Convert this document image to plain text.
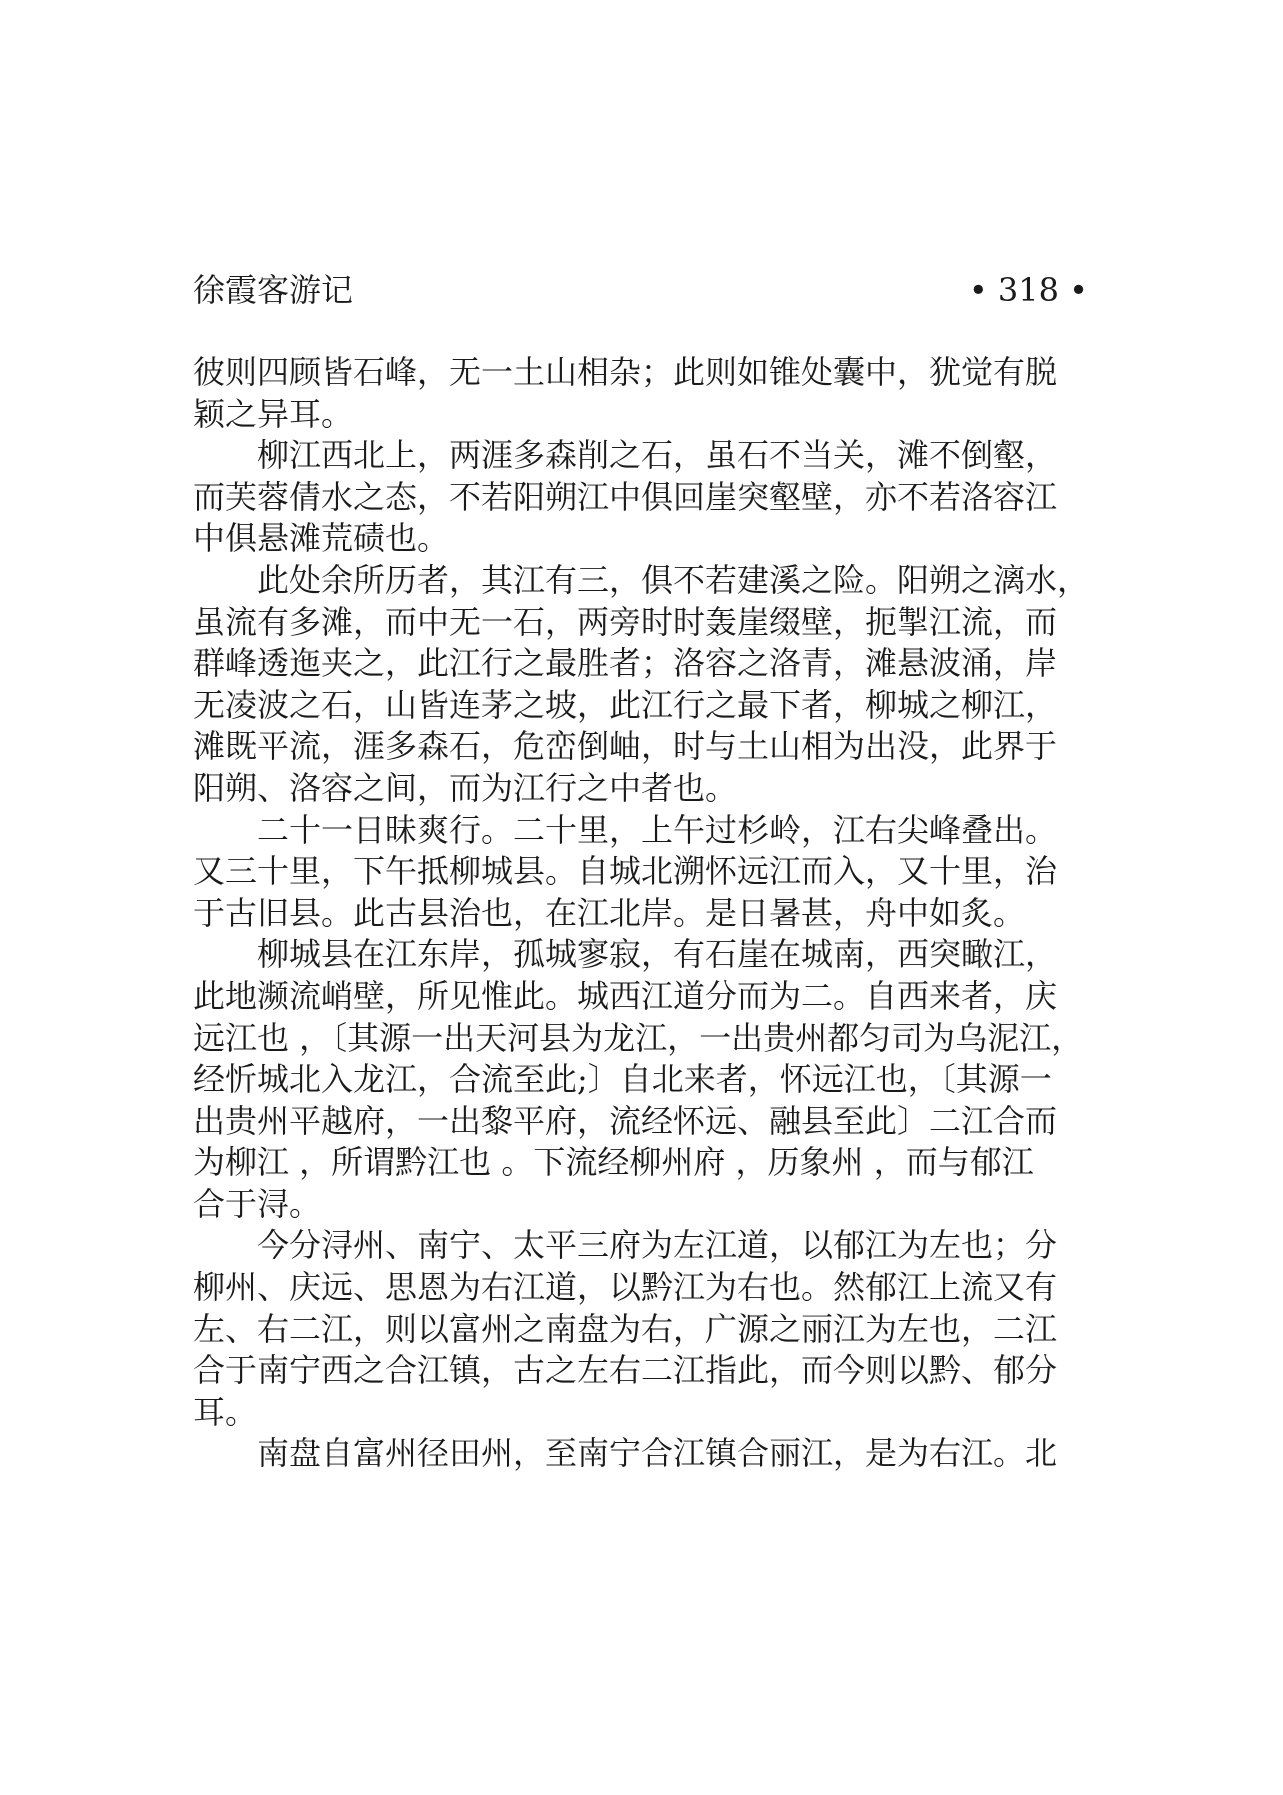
徐霞客游记	• 318 •

彼则四顾皆石峰，无一土山相杂；此则如锥处囊中，犹觉有脱
颖之异耳。

柳江西北上，两涯多森削之石，虽石不当关，滩不倒壑，
而芙蓉倩水之态，不若阳朔江中俱回崖突壑壁，亦不若洛容江
中俱悬滩荒碛也。

此处余所历者，其江有三，俱不若建溪之险。阳朔之漓水，
虽流有多滩，而中无一石，两旁时时轰崖缀壁，扼掣江流，而
群峰透迤夹之，此江行之最胜者；洛容之洛青，滩悬波涌，岸
无凌波之石，山皆连茅之坡，此江行之最下者，柳城之柳江，
滩既平流，涯多森石，危峦倒岫，时与土山相为出没，此界于
阳朔、洛容之间，而为江行之中者也。

二十一日昧爽行。二十里，上午过杉岭，江右尖峰叠出。
又三十里，下午抵柳城县。自城北溯怀远江而入，又十里，治
于古旧县。此古县治也，在江北岸。是日暑甚，舟中如炙。

柳城县在江东岸，孤城寥寂，有石崖在城南，西突瞰江，
此地濒流峭壁，所见惟此。城西江道分而为二。自西来者，庆
远江也 ，〔其源一出天河县为龙江，一出贵州都匀司为乌泥江，
经忻城北入龙江，合流至此;〕自北来者，怀远江也，〔其源一
出贵州平越府，一出黎平府，流经怀远、融县至此〕二江合而
为柳江 ，所谓黔江也 。下流经柳州府 ，历象州 ，而与郁江
合于浔。

今分浔州、南宁、太平三府为左江道，以郁江为左也；分
柳州、庆远、思恩为右江道，以黔江为右也。然郁江上流又有
左、右二江，则以富州之南盘为右，广源之丽江为左也，二江
合于南宁西之合江镇，古之左右二江指此，而今则以黔、郁分
耳。

南盘自富州径田州，至南宁合江镇合丽江，是为右江。北
